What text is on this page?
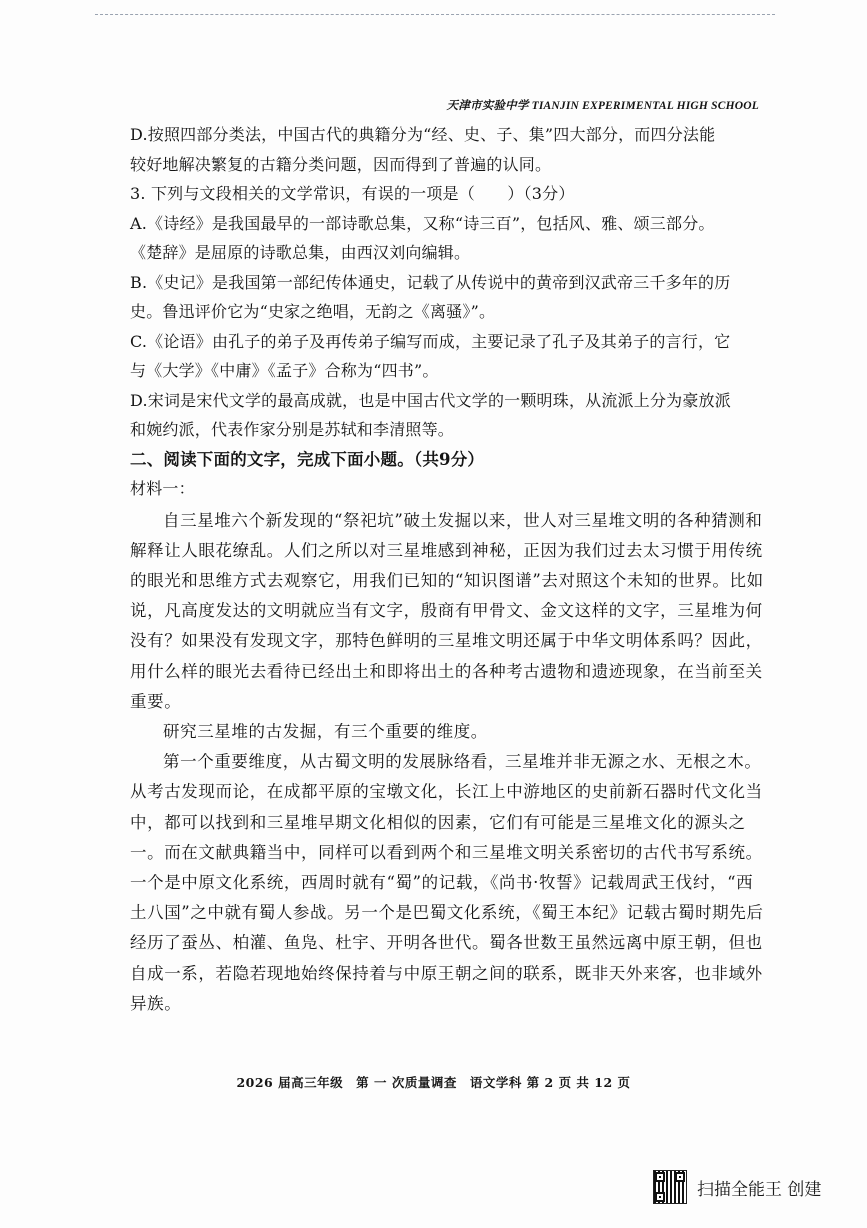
天津市实验中学 TIANJIN EXPERIMENTAL HIGH SCHOOL
D.按照四部分类法，中国古代的典籍分为“经、史、子、集”四大部分，而四分法能
较好地解决繁复的古籍分类问题，因而得到了普遍的认同。
3. 下列与文段相关的文学常识，有误的一项是（　　）（3分）
A.《诗经》是我国最早的一部诗歌总集，又称“诗三百”，包括风、雅、颂三部分。
《楚辞》是屈原的诗歌总集，由西汉刘向编辑。
B.《史记》是我国第一部纪传体通史，记载了从传说中的黄帝到汉武帝三千多年的历
史。鲁迅评价它为“史家之绝唱，无韵之《离骚》”。
C.《论语》由孔子的弟子及再传弟子编写而成，主要记录了孔子及其弟子的言行，它
与《大学》《中庸》《孟子》合称为“四书”。
D.宋词是宋代文学的最高成就，也是中国古代文学的一颗明珠，从流派上分为豪放派
和婉约派，代表作家分别是苏轼和李清照等。
二、阅读下面的文字，完成下面小题。（共9分）
材料一：

自三星堆六个新发现的“祭祀坑”破土发掘以来，世人对三星堆文明的各种猜测和解释让人眼花缭乱。人们之所以对三星堆感到神秘，正因为我们过去太习惯于用传统的眼光和思维方式去观察它，用我们已知的“知识图谱”去对照这个未知的世界。比如说，凡高度发达的文明就应当有文字，殷商有甲骨文、金文这样的文字，三星堆为何没有？如果没有发现文字，那特色鲜明的三星堆文明还属于中华文明体系吗？因此，用什么样的眼光去看待已经出土和即将出土的各种考古遗物和遗迹现象，在当前至关重要。

研究三星堆的古发掘，有三个重要的维度。

第一个重要维度，从古蜀文明的发展脉络看，三星堆并非无源之水、无根之木。从考古发现而论，在成都平原的宝墩文化，长江上中游地区的史前新石器时代文化当中，都可以找到和三星堆早期文化相似的因素，它们有可能是三星堆文化的源头之一。而在文献典籍当中，同样可以看到两个和三星堆文明关系密切的古代书写系统。一个是中原文化系统，西周时就有“蜀”的记载，《尚书·牧誓》记载周武王伐纣，“西土八国”之中就有蜀人参战。另一个是巴蜀文化系统，《蜀王本纪》记载古蜀时期先后经历了蚕丛、柏灌、鱼凫、杜宇、开明各世代。蜀各世数王虽然远离中原王朝，但也自成一系，若隐若现地始终保持着与中原王朝之间的联系，既非天外来客，也非域外异族。

2026 届高三年级　第 一 次质量调查　语文学科 第 2 页 共 12 页
扫描全能王 创建
